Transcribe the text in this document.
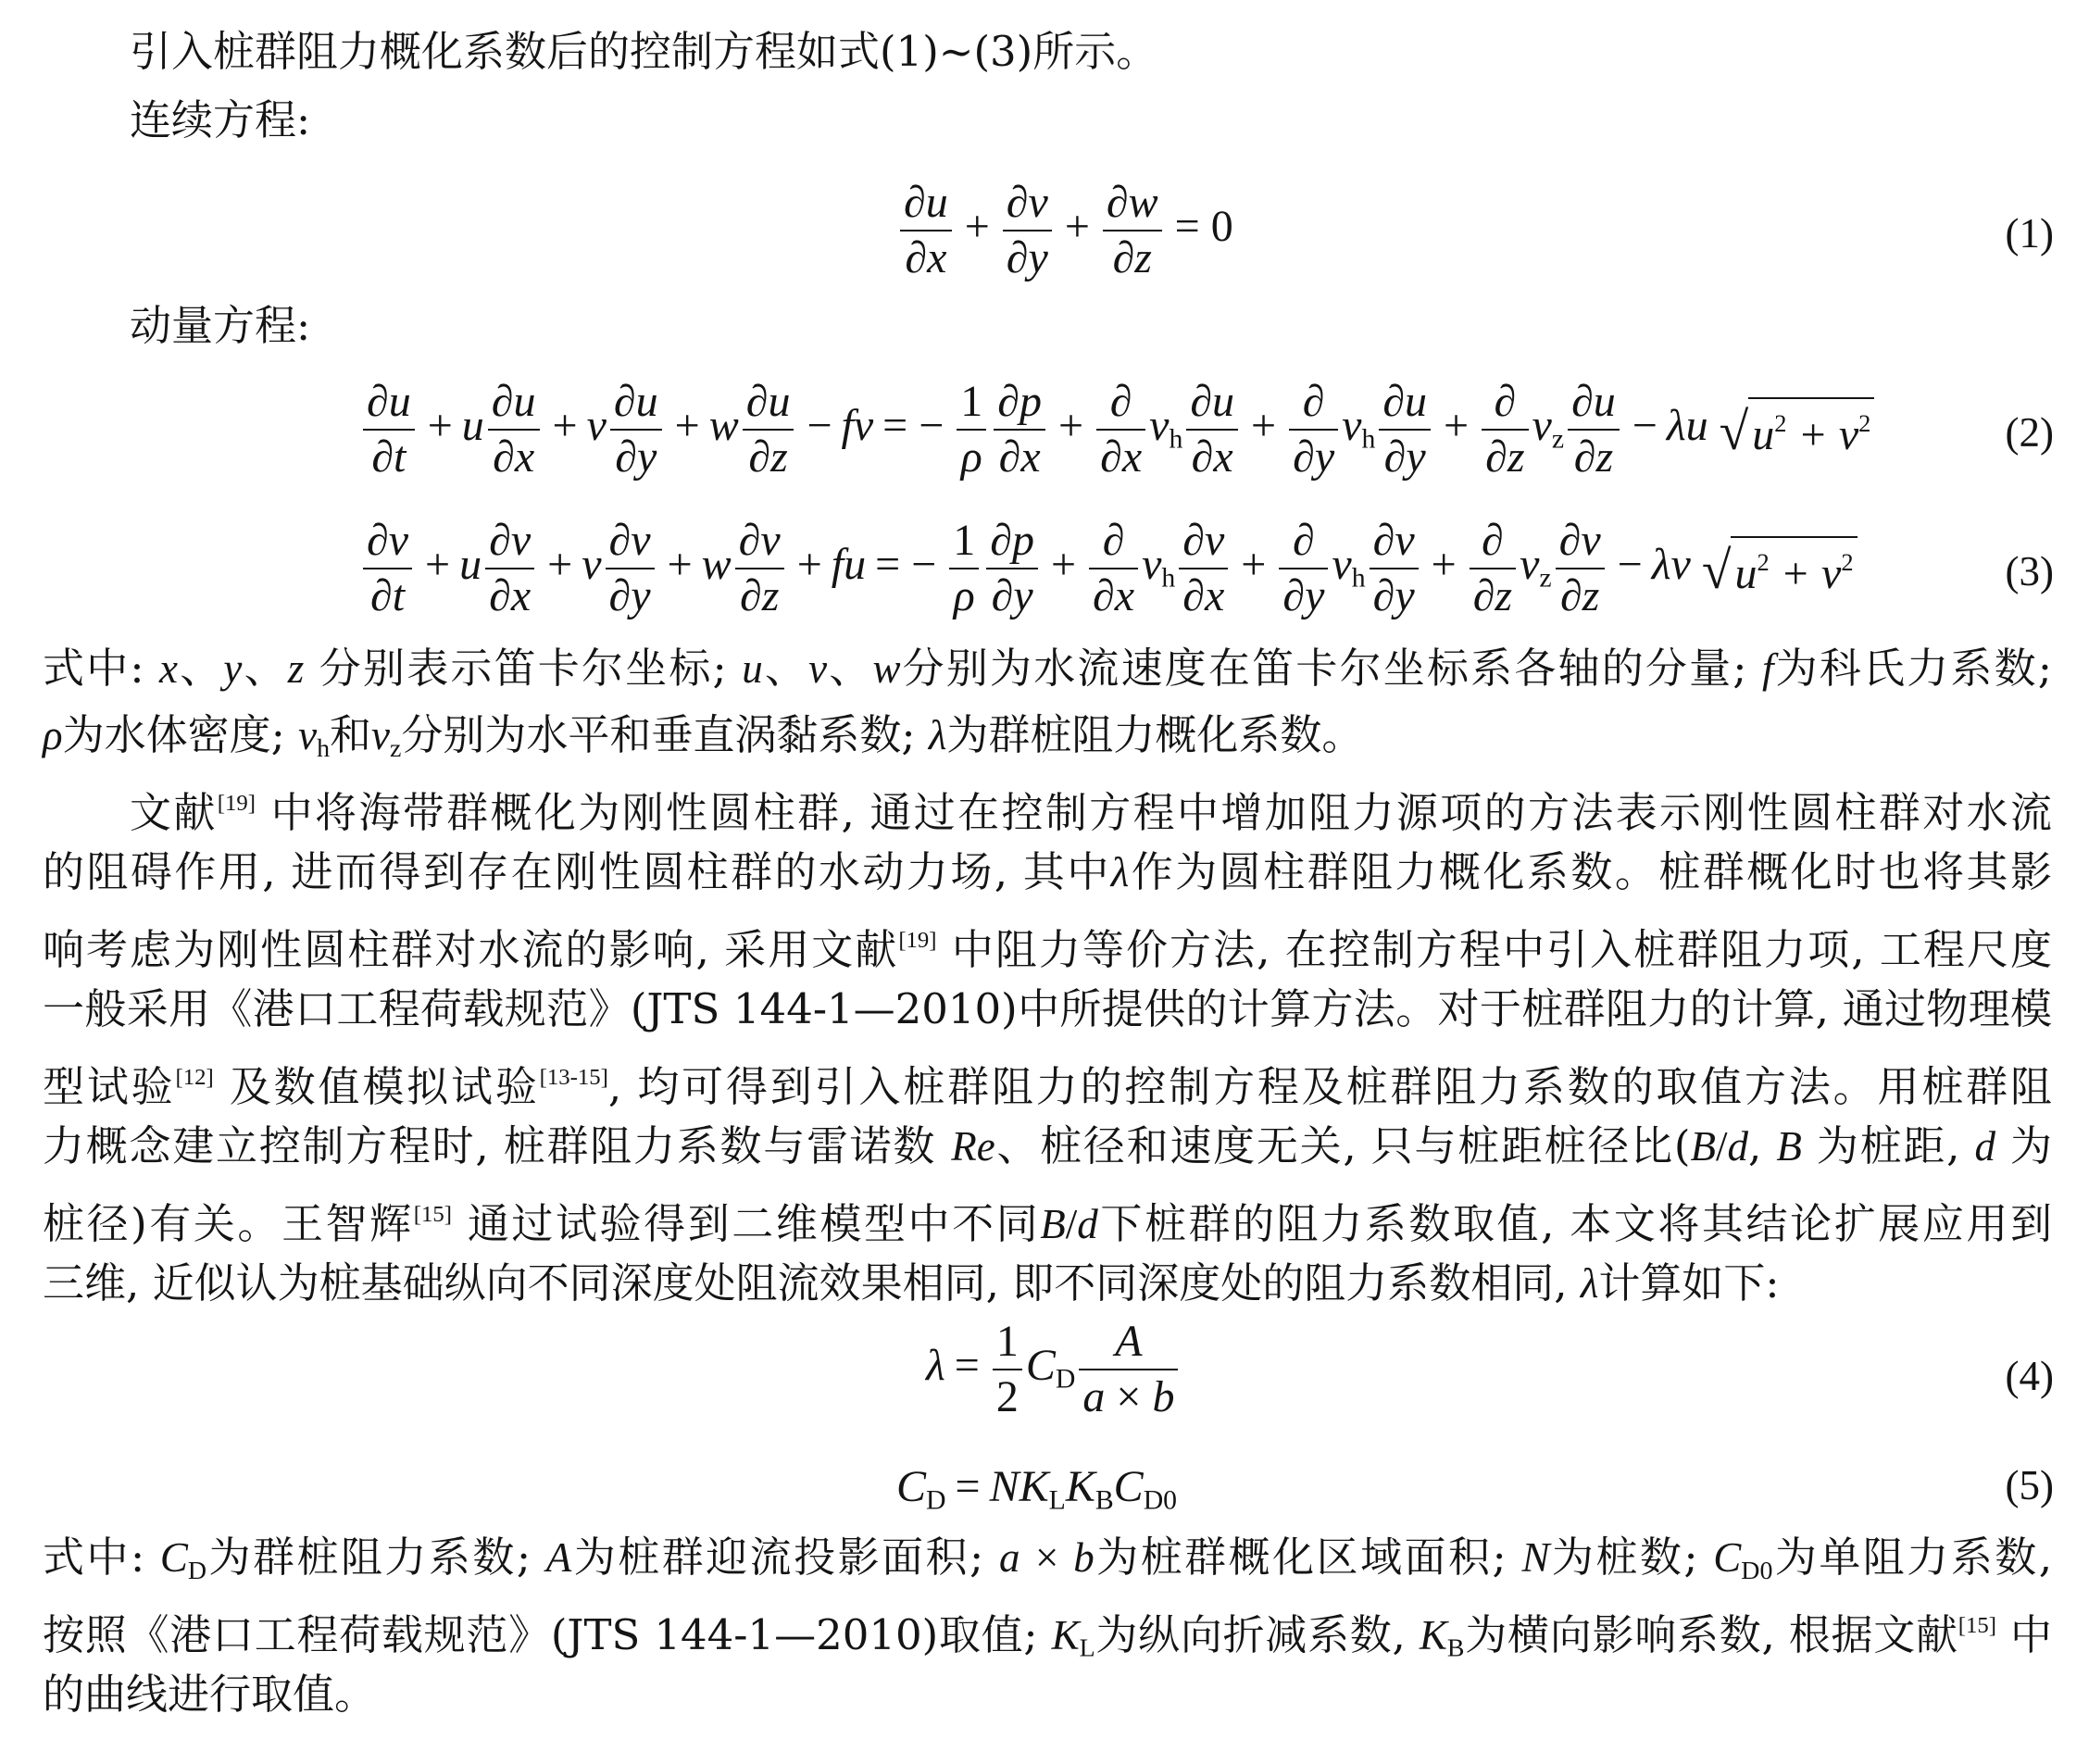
引入桩群阻力概化系数后的控制方程如式(1)~(3)所示。
连续方程:
$\frac{\partial u}{\partial x} + \frac{\partial v}{\partial y} + \frac{\partial w}{\partial z} = 0$	(1)
动量方程:
$\frac{\partial u}{\partial t} + u \frac{\partial u}{\partial x} + v \frac{\partial u}{\partial y} + w \frac{\partial u}{\partial z}$ − fv = − $\frac{1}{\rho} \frac{\partial p}{\partial x} + \frac{\partial}{\partial x} v_h \frac{\partial u}{\partial x} + \frac{\partial}{\partial y} v_h \frac{\partial u}{\partial y} + \frac{\partial}{\partial z} v_z \frac{\partial u}{\partial z} - \lambda u$ $√u^2 + v^2$	(2)
$\frac{\partial v}{\partial t} + u \frac{\partial v}{\partial x} + v \frac{\partial v}{\partial y} + w \frac{\partial v}{\partial z}$ + fu = − $\frac{1}{\rho} \frac{\partial p}{\partial y} + \frac{\partial}{\partial x} v_h \frac{\partial v}{\partial x} + \frac{\partial}{\partial y} v_h \frac{\partial v}{\partial y} + \frac{\partial}{\partial z} v_z \frac{\partial v}{\partial z} - \lambda v$ $√u^2 + v^2$	(3)
式中: x、y、z 分别表示笛卡尔坐标; u、v、w分别为水流速度在笛卡尔坐标系各轴的分量; f为科氏力系数;
ρ为水体密度; $v_h$和$v_z$分别为水平和垂直涡黏系数; λ为群桩阻力概化系数。
文献[19] 中将海带群概化为刚性圆柱群, 通过在控制方程中增加阻力源项的方法表示刚性圆柱群对水流
的阻碍作用, 进而得到存在刚性圆柱群的水动力场, 其中λ作为圆柱群阻力概化系数。桩群概化时也将其影
响考虑为刚性圆柱群对水流的影响, 采用文献[19] 中阻力等价方法, 在控制方程中引入桩群阻力项, 工程尺度
一般采用《港口工程荷载规范》(JTS 144-1—2010)中所提供的计算方法。对于桩群阻力的计算, 通过物理模
型试验[12] 及数值模拟试验[13-15], 均可得到引入桩群阻力的控制方程及桩群阻力系数的取值方法。用桩群阻
力概念建立控制方程时, 桩群阻力系数与雷诺数 Re、桩径和速度无关, 只与桩距桩径比(B/d, B 为桩距, d 为
桩径)有关。王智辉[15] 通过试验得到二维模型中不同B/d下桩群的阻力系数取值, 本文将其结论扩展应用到
三维, 近似认为桩基础纵向不同深度处阻流效果相同, 即不同深度处的阻力系数相同, λ计算如下:
$\lambda = \frac{1}{2} C_D \frac{A}{a \times b}$	(4)
$C_D = NK_LK_BC_{D0}$	(5)
式中: $C_D$为群桩阻力系数; A为桩群迎流投影面积; a × b为桩群概化区域面积; N为桩数; $C_{D0}$为单阻力系数,
按照《港口工程荷载规范》(JTS 144-1—2010)取值; $K_L$为纵向折减系数, $K_B$为横向影响系数, 根据文献[15] 中
的曲线进行取值。
